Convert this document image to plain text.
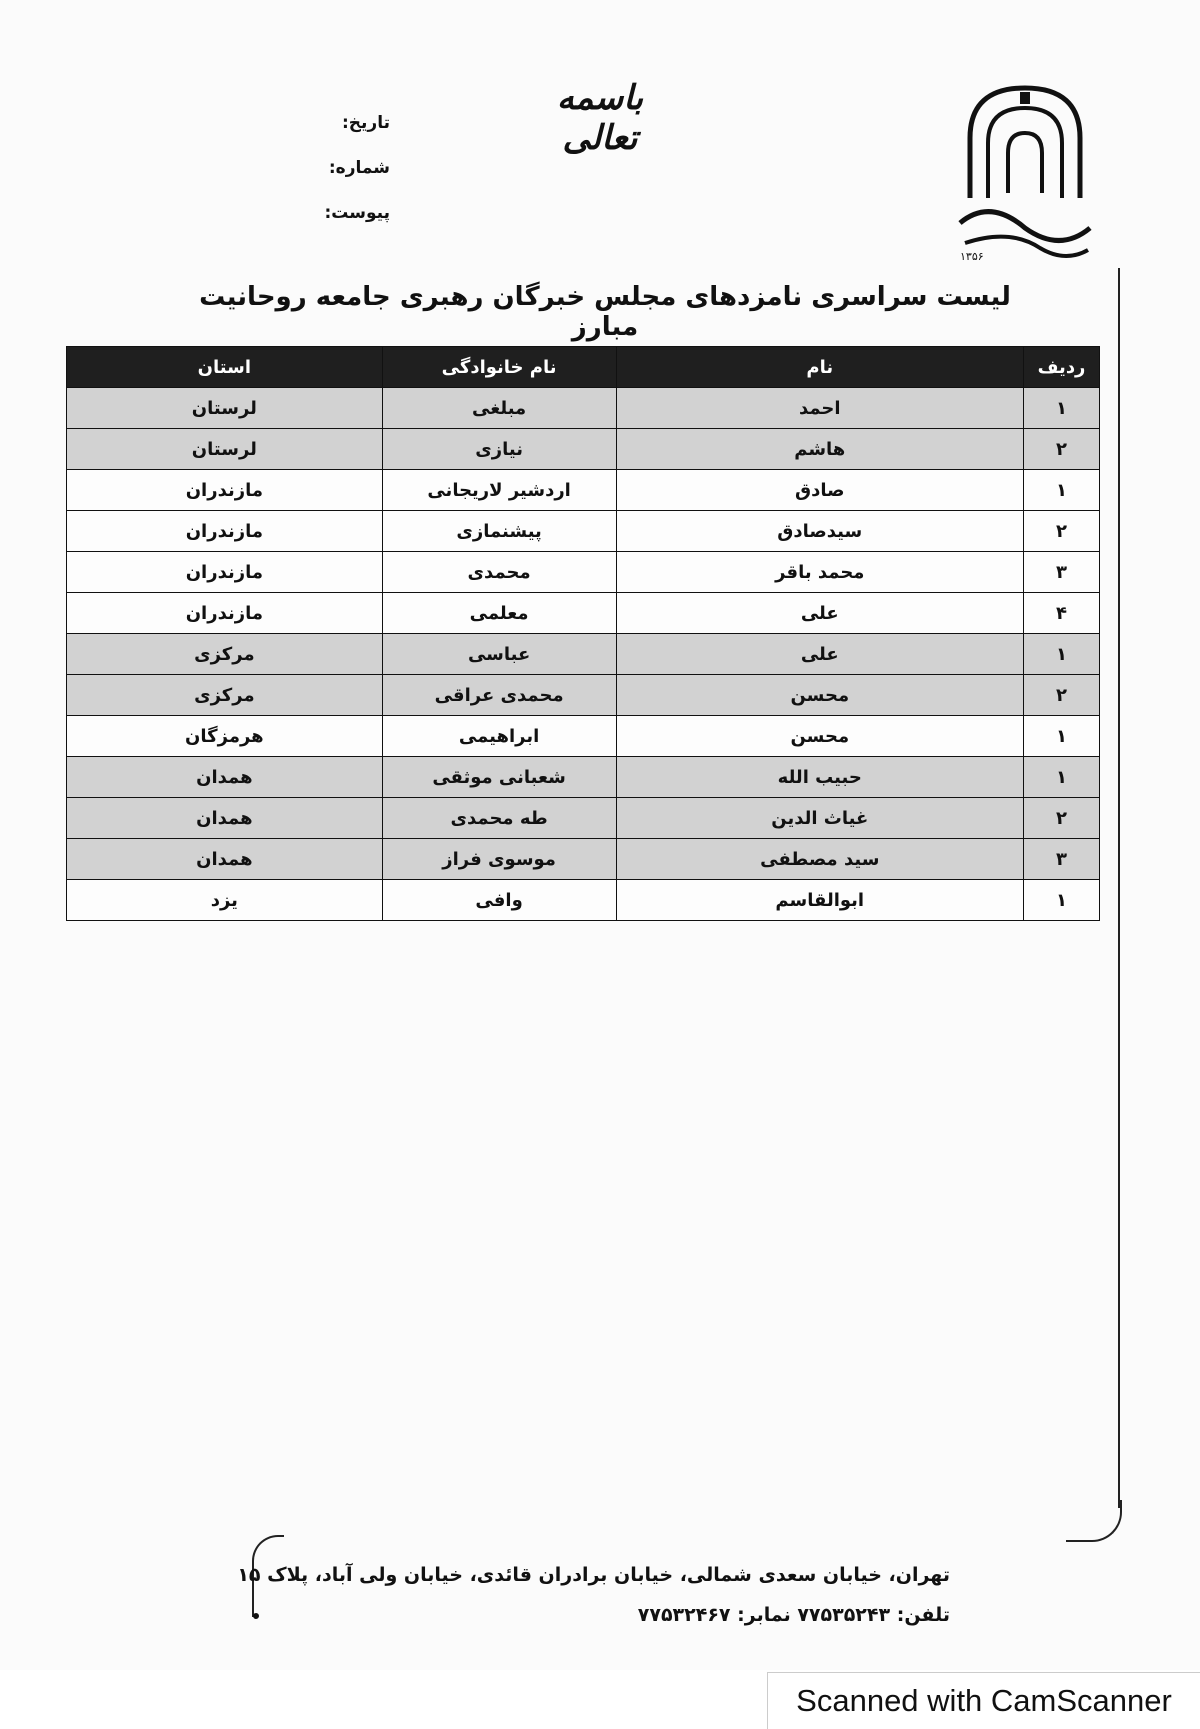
باسمه تعالی
تاریخ:
شماره:
پیوست:
۱۳۵۶
جامعه روحانیت مبارز
لیست سراسری نامزدهای مجلس خبرگان رهبری جامعه روحانیت مبارز
ردیف	نام	نام خانوادگی	استان
۱	احمد	مبلغی	لرستان
۲	هاشم	نیازی	لرستان
۱	صادق	اردشیر لاریجانی	مازندران
۲	سیدصادق	پیشنمازی	مازندران
۳	محمد باقر	محمدی	مازندران
۴	علی	معلمی	مازندران
۱	علی	عباسی	مرکزی
۲	محسن	محمدی عراقی	مرکزی
۱	محسن	ابراهیمی	هرمزگان
۱	حبیب الله	شعبانی موثقی	همدان
۲	غیاث الدین	طه محمدی	همدان
۳	سید مصطفی	موسوی فراز	همدان
۱	ابوالقاسم	وافی	یزد
تهران، خیابان سعدی شمالی، خیابان برادران قائدی، خیابان ولی آباد، پلاک ۱۵
تلفن: ۷۷۵۳۵۲۴۳ نمابر: ۷۷۵۳۲۴۶۷
Scanned with CamScanner
